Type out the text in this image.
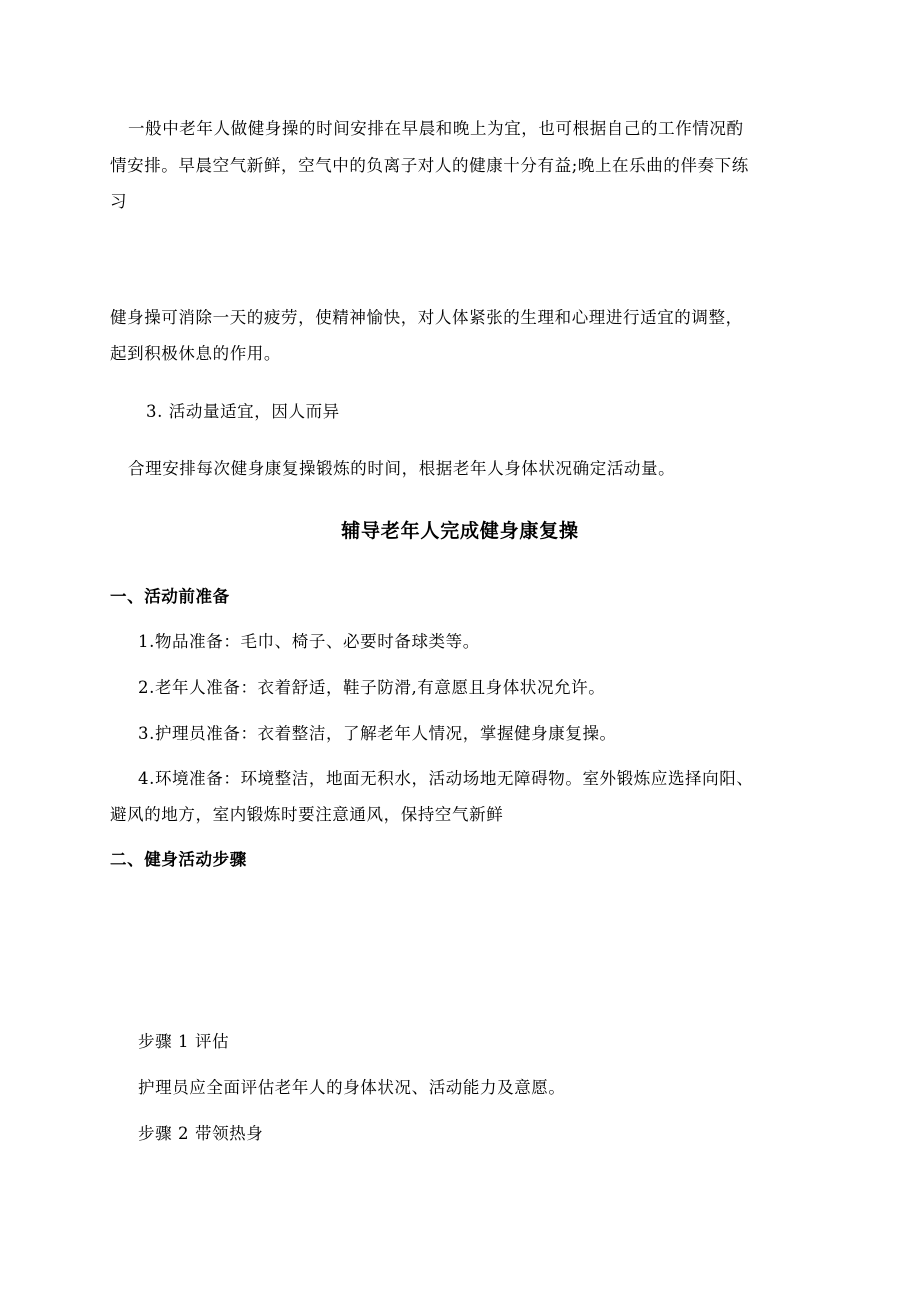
一般中老年人做健身操的时间安排在早晨和晚上为宜，也可根据自己的工作情况酌
情安排。早晨空气新鲜，空气中的负离子对人的健康十分有益;晚上在乐曲的伴奏下练
习
健身操可消除一天的疲劳，使精神愉快，对人体紧张的生理和心理进行适宜的调整，
起到积极休息的作用。
3. 活动量适宜，因人而异
合理安排每次健身康复操锻炼的时间，根据老年人身体状况确定活动量。
辅导老年人完成健身康复操
一、活动前准备
1.物品准备：毛巾、椅子、必要时备球类等。
2.老年人准备：衣着舒适，鞋子防滑,有意愿且身体状况允许。
3.护理员准备：衣着整洁，了解老年人情况，掌握健身康复操。
4.环境准备：环境整洁，地面无积水，活动场地无障碍物。室外锻炼应选择向阳、
避风的地方，室内锻炼时要注意通风，保持空气新鲜
二、健身活动步骤
步骤 1 评估
护理员应全面评估老年人的身体状况、活动能力及意愿。
步骤 2 带领热身
